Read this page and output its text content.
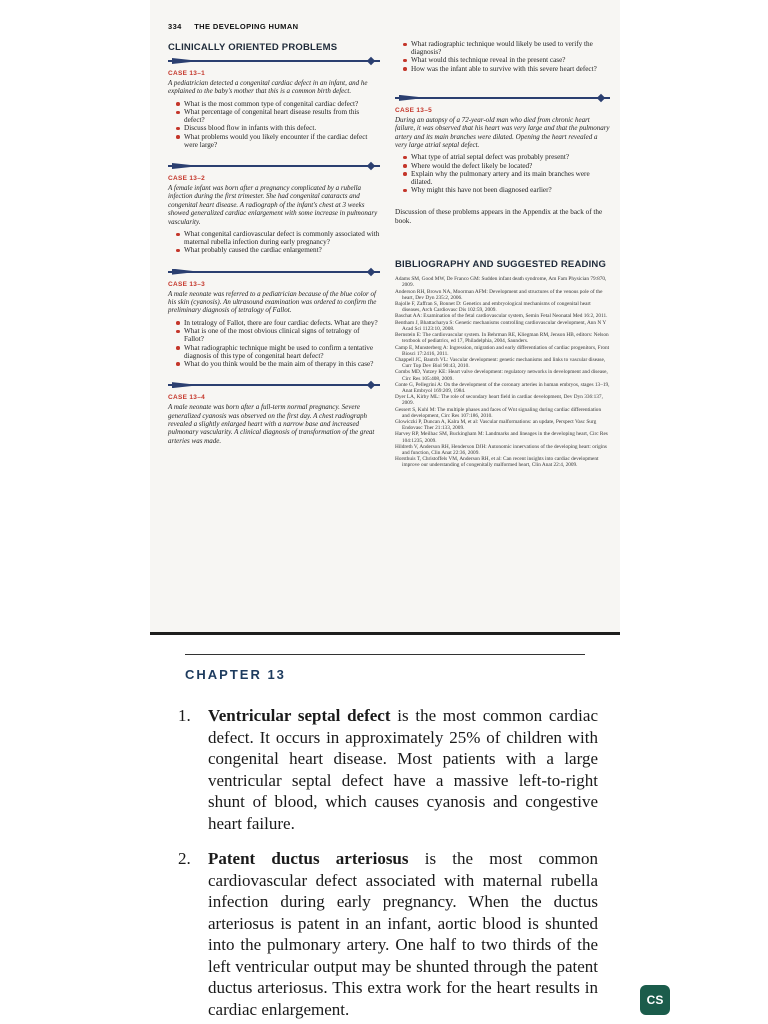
334 THE DEVELOPING HUMAN
CLINICALLY ORIENTED PROBLEMS
CASE 13–1
A pediatrician detected a congenital cardiac defect in an infant, and he explained to the baby's mother that this is a common birth defect.
What is the most common type of congenital cardiac defect?
What percentage of congenital heart disease results from this defect?
Discuss blood flow in infants with this defect.
What problems would you likely encounter if the cardiac defect were large?
CASE 13–2
A female infant was born after a pregnancy complicated by a rubella infection during the first trimester. She had congenital cataracts and congenital heart disease. A radiograph of the infant's chest at 3 weeks showed generalized cardiac enlargement with some increase in pulmonary vascularity.
What congenital cardiovascular defect is commonly associated with maternal rubella infection during early pregnancy?
What probably caused the cardiac enlargement?
CASE 13–3
A male neonate was referred to a pediatrician because of the blue color of his skin (cyanosis). An ultrasound examination was ordered to confirm the preliminary diagnosis of tetralogy of Fallot.
In tetralogy of Fallot, there are four cardiac defects. What are they?
What is one of the most obvious clinical signs of tetralogy of Fallot?
What radiographic technique might be used to confirm a tentative diagnosis of this type of congenital heart defect?
What do you think would be the main aim of therapy in this case?
CASE 13–4
A male neonate was born after a full-term normal pregnancy. Severe generalized cyanosis was observed on the first day. A chest radiograph revealed a slightly enlarged heart with a narrow base and increased pulmonary vascularity. A clinical diagnosis of transformation of the great arteries was made.
What radiographic technique would likely be used to verify the diagnosis?
What would this technique reveal in the present case?
How was the infant able to survive with this severe heart defect?
CASE 13–5
During an autopsy of a 72-year-old man who died from chronic heart failure, it was observed that his heart was very large and that the pulmonary artery and its main branches were dilated. Opening the heart revealed a very large atrial septal defect.
What type of atrial septal defect was probably present?
Where would the defect likely be located?
Explain why the pulmonary artery and its main branches were dilated.
Why might this have not been diagnosed earlier?
Discussion of these problems appears in the Appendix at the back of the book.
BIBLIOGRAPHY AND SUGGESTED READING

Adams SM, Good MW, De Franco GM: Sudden infant death syndrome, Am Fam Physician 79:870, 2009.

Anderson RH, Brown NA, Moorman AFM: Development and structures of the venous pole of the heart, Dev Dyn 235:2, 2006.

Bajolle F, Zaffran S, Bonnet D: Genetics and embryological mechanisms of congenital heart diseases, Arch Cardiovasc Dis 102:59, 2009.

Baschat AA: Examination of the fetal cardiovascular system, Semin Fetal Neonatal Med 16:2, 2011.

Bentham J, Bhattacharya S: Genetic mechanisms controlling cardiovascular development, Ann N Y Acad Sci 1123:10, 2008.

Bernstein E: The cardiovascular system. In Behrman RE, Kliegman RM, Jenson HB, editors: Nelson textbook of pediatrics, ed 17, Philadelphia, 2004, Saunders.

Camp E, Munsterberg A: Ingression, migration and early differentiation of cardiac progenitors, Front Biosci 17:2416, 2011.

Chappell JC, Bautch VL: Vascular development: genetic mechanisms and links to vascular disease, Curr Top Dev Biol 90:43, 2010.

Combs MD, Yutzey KE: Heart valve development: regulatory networks in development and disease, Circ Res 105:408, 2009.

Conte G, Pellegrini A: On the development of the coronary arteries in human embryos, stages 13–19, Anat Embryol 169:209, 1984.

Dyer LA, Kirby ML: The role of secondary heart field in cardiac development, Dev Dyn 336:137, 2009.

Gessert S, Kuhl M: The multiple phases and faces of Wnt signaling during cardiac differentiation and development, Circ Res 107:186, 2010.

Glowiczki P, Duncan A, Kalra M, et al: Vascular malformations: an update, Perspect Vasc Surg Endovasc Ther 21:133, 2009.

Harvey RP, Meilhac SM, Buckingham M: Landmarks and lineages in the developing heart, Circ Res 104:1235, 2009.

Hildreth V, Anderson RH, Henderson DJH: Autonomic innervations of the developing heart: origins and function, Clin Anat 22:36, 2009.

Horsthuis T, Christoffels VM, Anderson RH, et al: Can recent insights into cardiac development improve our understanding of congenitally malformed heart, Clin Anat 22:4, 2009.

CHAPTER 13
1.	Ventricular septal defect is the most common cardiac defect. It occurs in approximately 25% of children with congenital heart disease. Most patients with a large ventricular septal defect have a massive left-to-right shunt of blood, which causes cyanosis and congestive heart failure.
2.	Patent ductus arteriosus is the most common cardiovascular defect associated with maternal rubella infection during early pregnancy. When the ductus arteriosus is patent in an infant, aortic blood is shunted into the pulmonary artery. One half to two thirds of the left ventricular output may be shunted through the patent ductus arteriosus. This extra work for the heart results in cardiac enlargement.	CS
